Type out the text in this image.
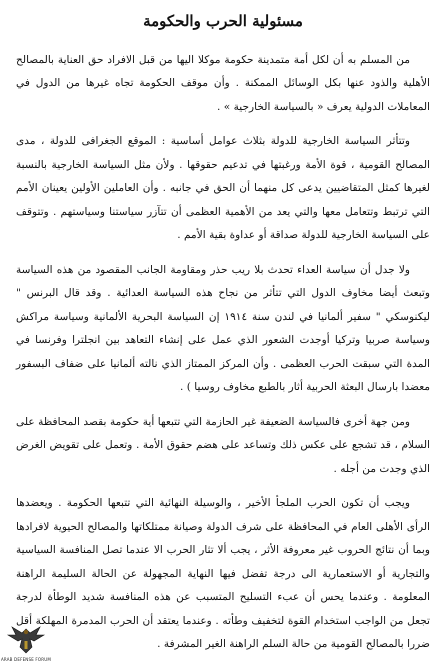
مسئولية الحرب والحكومة

من المسلم به أن لكل أمة متمدينة حكومة موكلا اليها من قبل الافراد حق العناية بالمصالح الأهلية والذود عنها بكل الوسائل الممكنة . وأن موقف الحكومة تجاه غيرها من الدول في المعاملات الدولية يعرف « بالسياسة الخارجية » .

وتتأثر السياسة الخارجية للدولة بثلاث عوامل أساسية : الموقع الجغرافى للدولة ، مدى المصالح القومية ، قوة الأمة ورغبتها في تدعيم حقوقها . ولأن مثل السياسة الخارجية بالنسبة لغيرها كمثل المتقاضيين يدعى كل منهما أن الحق في جانبه . وأن العاملين الأولين يعينان الأمم التي ترتبط وتتعامل معها والتي يعد من الأهمية العظمى أن تتآزر سياستنا وسياستهم . وتتوقف على السياسة الخارجية للدولة صداقة أو عداوة بقية الأمم .

ولا جدل أن سياسة العداء تحدث بلا ريب حذر ومقاومة الجانب المقصود من هذه السياسة وتبعث أيضا مخاوف الدول التي تتأثر من نجاح هذه السياسة العدائية . وقد قال البرنس " ليكنوسكي " سفير ألمانيا في لندن سنة ١٩١٤ إن السياسة البحرية الألمانية وسياسة مراكش وسياسة صربيا وتركيا أوجدت الشعور الذي عمل على إنشاء التعاهد بين انجلترا وفرنسا في المدة التي سبقت الحرب العظمى . وأن المركز الممتاز الذي نالته ألمانيا على ضفاف البسفور معضدا بارسال البعثة الحربية أثار بالطبع مخاوف روسيا ) .

ومن جهة أخرى فالسياسة الضعيفة غير الحازمة التي تتبعها أية حكومة بقصد المحافظة على السلام ، قد تشجع على عكس ذلك وتساعد على هضم حقوق الأمة . وتعمل على تقويض الغرض الذي وجدت من أجله .

ويجب أن تكون الحرب الملجأ الأخير ، والوسيلة النهائية التي تتبعها الحكومة . ويعضدها الرأى الأهلى العام في المحافظة على شرف الدولة وصيانة ممتلكاتها والمصالح الحيوية لافرادها وبما أن نتائج الحروب غير معروفة الأثر ، يجب ألا تثار الحرب الا عندما تصل المنافسة السياسية والتجارية أو الاستعمارية الى درجة تفضل فيها النهاية المجهولة عن الحالة السليمة الراهنة المعلومة . وعندما يحس أن عبء التسليح المتسبب عن هذه المنافسة شديد الوطأة لدرجة تجعل من الواجب استخدام القوة لتخفيف وطأته . وعندما يعتقد أن الحرب المدمرة المهلكة أقل ضررا بالمصالح القومية من حالة السلم الراهنة الغير المشرفة .

ARAB DEFENSE FORUM
